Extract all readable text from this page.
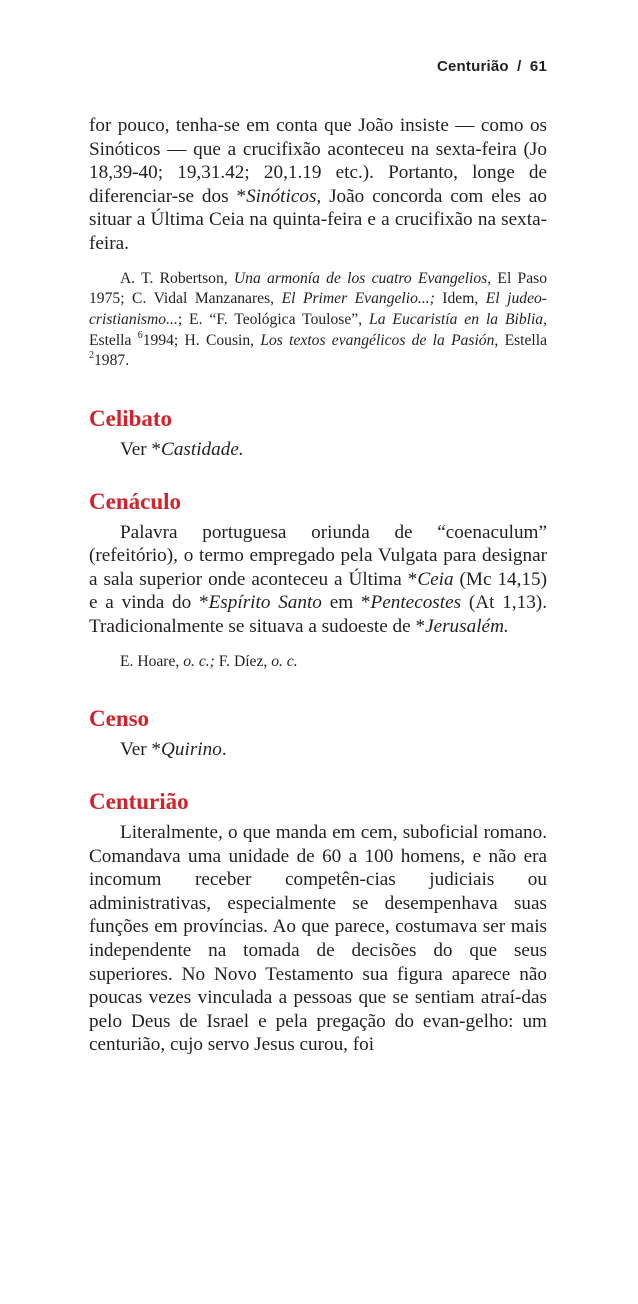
Centurião / 61

for pouco, tenha-se em conta que João insiste — como os Sinóticos — que a crucifixão aconteceu na sexta-feira (Jo 18,39-40; 19,31.42; 20,1.19 etc.). Portanto, longe de diferenciar-se dos *Sinóticos, João concorda com eles ao situar a Última Ceia na quinta-feira e a crucifixão na sexta-feira.

A. T. Robertson, Una armonía de los cuatro Evangelios, El Paso 1975; C. Vidal Manzanares, El Primer Evangelio...; Idem, El judeo-cristianismo...; E. “F. Teológica Toulose”, La Eucaristía en la Biblia, Estella $^6$1994; H. Cousin, Los textos evangélicos de la Pasión, Estella $^2$1987.

Celibato

Ver *Castidade.

Cenáculo

Palavra portuguesa oriunda de “coenaculum” (refeitório), o termo empregado pela Vulgata para designar a sala superior onde aconteceu a Última *Ceia (Mc 14,15) e a vinda do *Espírito Santo em *Pentecostes (At 1,13). Tradicionalmente se situava a sudoeste de *Jerusalém.

E. Hoare, o. c.; F. Díez, o. c.

Censo

Ver *Quirino.

Centurião

Literalmente, o que manda em cem, suboficial romano. Comandava uma unidade de 60 a 100 homens, e não era incomum receber competên-cias judiciais ou administrativas, especialmente se desempenhava suas funções em províncias. Ao que parece, costumava ser mais independente na tomada de decisões do que seus superiores. No Novo Testamento sua figura aparece não poucas vezes vinculada a pessoas que se sentiam atraí-das pelo Deus de Israel e pela pregação do evan-gelho: um centurião, cujo servo Jesus curou, foi
